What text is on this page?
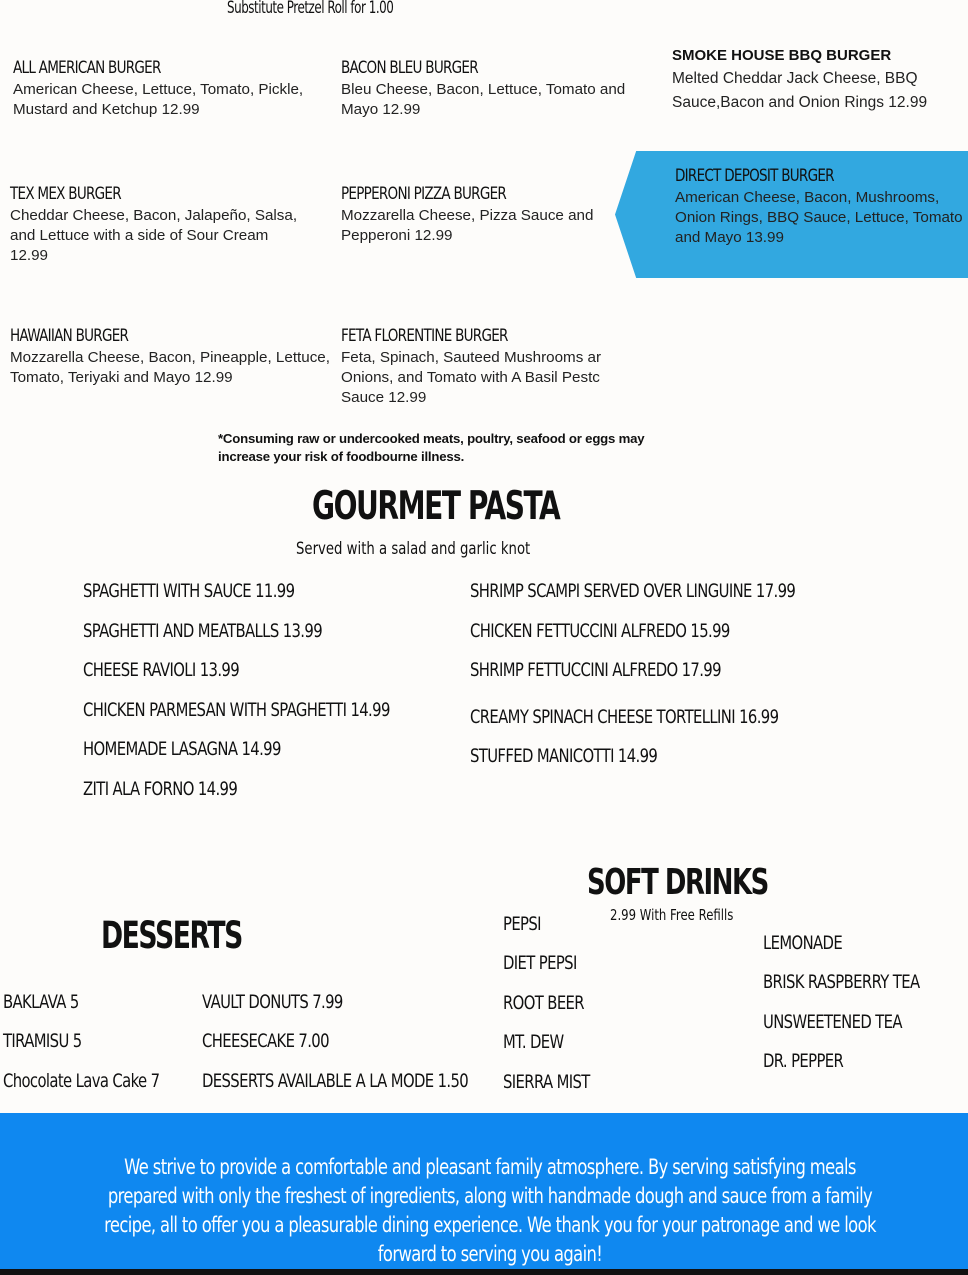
Substitute Pretzel Roll for 1.00
ALL AMERICAN BURGER
American Cheese, Lettuce, Tomato, Pickle, Mustard and Ketchup 12.99
BACON BLEU BURGER
Bleu Cheese, Bacon, Lettuce, Tomato and Mayo 12.99
SMOKE HOUSE BBQ BURGER
Melted Cheddar Jack Cheese, BBQ Sauce,Bacon and Onion Rings 12.99
TEX MEX BURGER
Cheddar Cheese, Bacon, Jalapeño, Salsa, and Lettuce with a side of Sour Cream 12.99
PEPPERONI PIZZA BURGER
Mozzarella Cheese, Pizza Sauce and Pepperoni 12.99
DIRECT DEPOSIT BURGER
American Cheese, Bacon, Mushrooms, Onion Rings, BBQ Sauce, Lettuce, Tomato and Mayo 13.99
HAWAIIAN BURGER
Mozzarella Cheese, Bacon, Pineapple, Lettuce, Tomato, Teriyaki and Mayo 12.99
FETA FLORENTINE BURGER
Feta, Spinach, Sauteed Mushrooms ar Onions, and Tomato with A Basil Pestc Sauce 12.99
*Consuming raw or undercooked meats, poultry, seafood or eggs may increase your risk of foodbourne illness.
GOURMET PASTA
Served with a salad and garlic knot
SPAGHETTI WITH SAUCE 11.99
SPAGHETTI AND MEATBALLS 13.99
CHEESE RAVIOLI 13.99
CHICKEN PARMESAN WITH SPAGHETTI 14.99
HOMEMADE LASAGNA 14.99
ZITI ALA FORNO 14.99
SHRIMP SCAMPI SERVED OVER LINGUINE 17.99
CHICKEN FETTUCCINI ALFREDO 15.99
SHRIMP FETTUCCINI ALFREDO 17.99
CREAMY SPINACH CHEESE TORTELLINI 16.99
STUFFED MANICOTTI 14.99
SOFT DRINKS
2.99 With Free Refills
PEPSI
DIET PEPSI
ROOT BEER
MT. DEW
SIERRA MIST
LEMONADE
BRISK RASPBERRY TEA
UNSWEETENED TEA
DR. PEPPER
DESSERTS
BAKLAVA 5
TIRAMISU 5
Chocolate Lava Cake 7
VAULT DONUTS 7.99
CHEESECAKE 7.00
DESSERTS AVAILABLE A LA MODE 1.50
We strive to provide a comfortable and pleasant family atmosphere. By serving satisfying meals prepared with only the freshest of ingredients, along with handmade dough and sauce from a family recipe, all to offer you a pleasurable dining experience. We thank you for your patronage and we look forward to serving you again!
